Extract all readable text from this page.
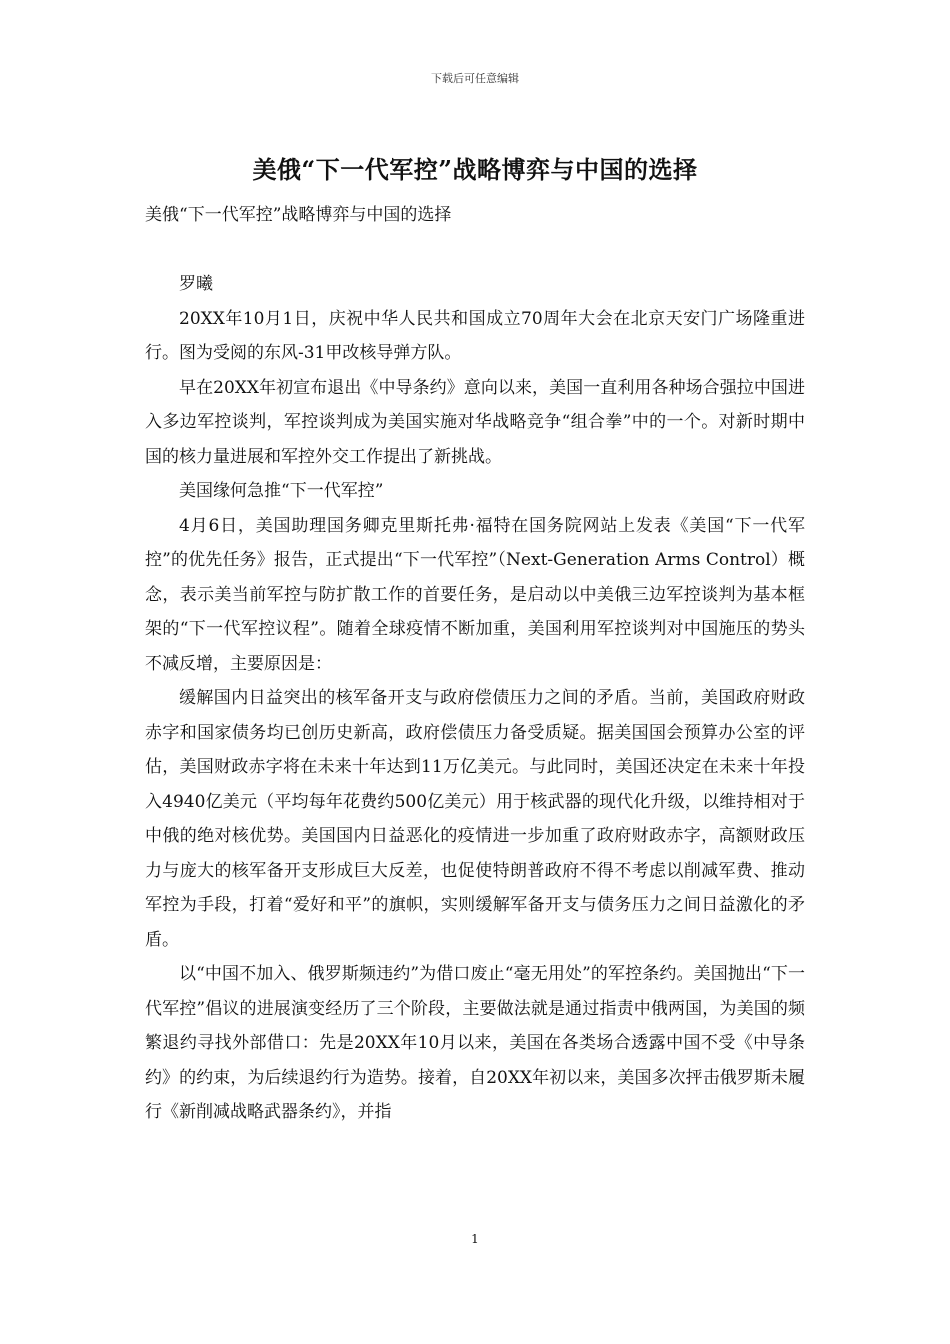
下载后可任意编辑
美俄“下一代军控”战略博弈与中国的选择

美俄“下一代军控”战略博弈与中国的选择

罗曦

20XX年10月1日，庆祝中华人民共和国成立70周年大会在北京天安门广场隆重进行。图为受阅的东风-31甲改核导弹方队。

早在20XX年初宣布退出《中导条约》意向以来，美国一直利用各种场合强拉中国进入多边军控谈判，军控谈判成为美国实施对华战略竞争“组合拳”中的一个。对新时期中国的核力量进展和军控外交工作提出了新挑战。

美国缘何急推“下一代军控”

4月6日，美国助理国务卿克里斯托弗·福特在国务院网站上发表《美国“下一代军控”的优先任务》报告，正式提出“下一代军控”（Next-Generation Arms Control）概念，表示美当前军控与防扩散工作的首要任务，是启动以中美俄三边军控谈判为基本框架的“下一代军控议程”。随着全球疫情不断加重，美国利用军控谈判对中国施压的势头不减反增，主要原因是：

缓解国内日益突出的核军备开支与政府偿债压力之间的矛盾。当前，美国政府财政赤字和国家债务均已创历史新高，政府偿债压力备受质疑。据美国国会预算办公室的评估，美国财政赤字将在未来十年达到11万亿美元。与此同时，美国还决定在未来十年投入4940亿美元（平均每年花费约500亿美元）用于核武器的现代化升级，以维持相对于中俄的绝对核优势。美国国内日益恶化的疫情进一步加重了政府财政赤字，高额财政压力与庞大的核军备开支形成巨大反差，也促使特朗普政府不得不考虑以削减军费、推动军控为手段，打着“爱好和平”的旗帜，实则缓解军备开支与债务压力之间日益激化的矛盾。

以“中国不加入、俄罗斯频违约”为借口废止“毫无用处”的军控条约。美国抛出“下一代军控”倡议的进展演变经历了三个阶段，主要做法就是通过指责中俄两国，为美国的频繁退约寻找外部借口：先是20XX年10月以来，美国在各类场合透露中国不受《中导条约》的约束，为后续退约行为造势。接着，自20XX年初以来，美国多次抨击俄罗斯未履行《新削减战略武器条约》，并指

1
